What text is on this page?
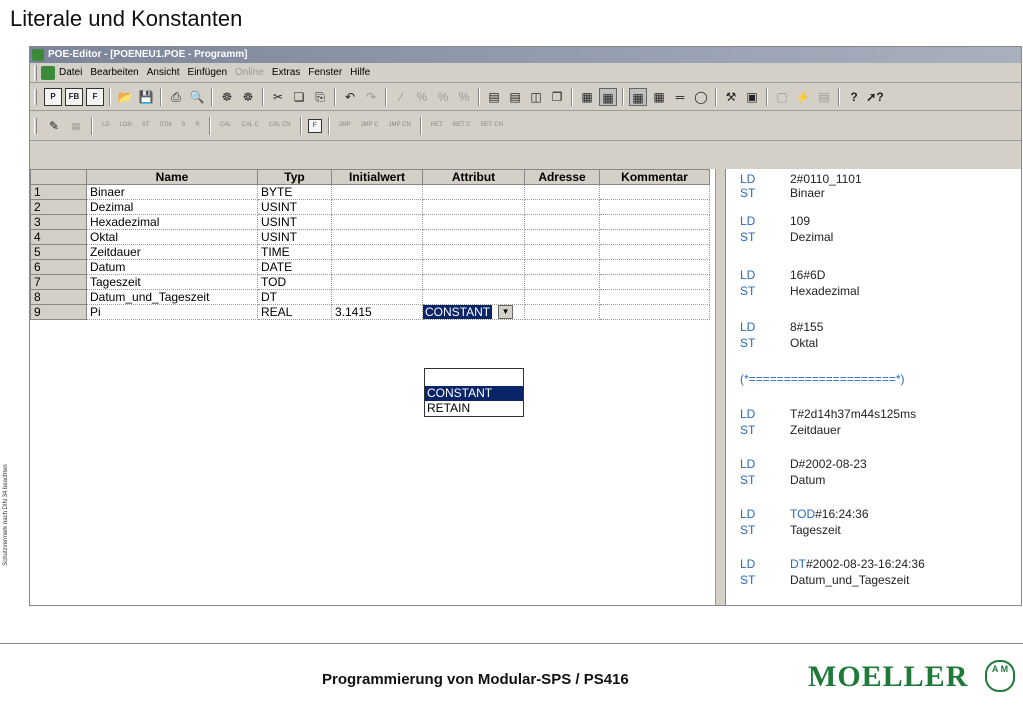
Literale und Konstanten
Schutzvermerk nach DIN 34 beachten
POE-Editor - [POENEU1.POE - Programm]
Datei Bearbeiten Ansicht Einfügen Online Extras Fenster Hilfe
P	FB	F	📂 💾	⎙ 🔍	☸ ☸	✂ ❏ ⎘	↶ ↷	⁄	% % %	▤ ▤ ◫ ❐	▦ ▦ ▦ ▦ ═ ◯	⚒ ▣ ▢ ⚡ ▤	? ➚?
✎	▤	LD	LDN	ST	STN	S	R	CAL	CAL C	CAL CN	F	JMP	JMP C	JMP CN	RET	RET C	RET CN
	Name	Typ	Initialwert	Attribut	Adresse	Kommentar
1	Binaer	BYTE				
2	Dezimal	USINT				
3	Hexadezimal	USINT				
4	Oktal	USINT				
5	Zeitdauer	TIME				
6	Datum	DATE				
7	Tageszeit	TOD				
8	Datum_und_Tageszeit	DT				
9	Pi	REAL	3.1415	CONSTANT ▼		

CONSTANT
RETAIN
LD	2#0110_1101
ST	Binaer
LD	109
ST	Dezimal
LD	16#6D
ST	Hexadezimal
LD	8#155
ST	Oktal
(*=====================*)
LD	T#2d14h37m44s125ms
ST	Zeitdauer
LD	D#2002-08-23
ST	Datum
LD	TOD#16:24:36
ST	Tageszeit
LD	DT#2002-08-23-16:24:36
ST	Datum_und_Tageszeit
Programmierung von Modular-SPS / PS416	MOELLER	A M
